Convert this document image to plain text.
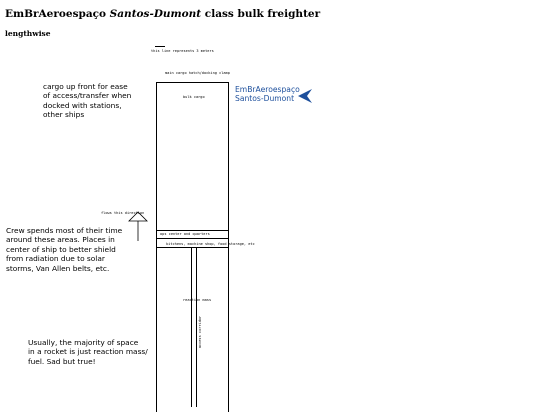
EmBrAeroespaço Santos-Dumont class bulk freighter
lengthwise
this line represents 3 meters
main cargo hatch/docking clamp
bulk cargo
ops center and quarters
kitchens, machine shop, food storage, etc
access corridor
reaction mass
flows this direction
cargo up front for ease
of access/transfer when
docked with stations,
other ships
Crew spends most of their time
around these areas. Places in
center of ship to better shield
from radiation due to solar
storms, Van Allen belts, etc.
Usually, the majority of space
in a rocket is just reaction mass/
fuel. Sad but true!
EmBrAeroespaço
Santos-Dumont
